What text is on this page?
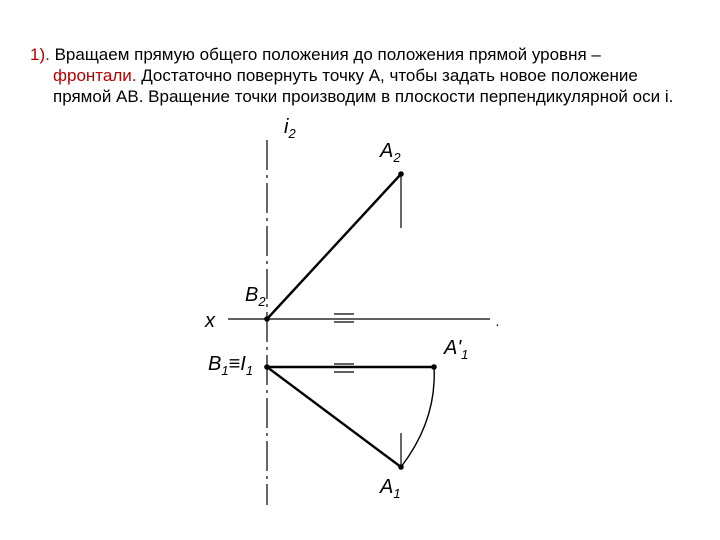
1). Вращаем прямую общего положения до положения прямой уровня –
фронтали. Достаточно повернуть точку А, чтобы задать новое положение
прямой АВ. Вращение точки производим в плоскости перпендикулярной оси i.
$i_2$
$A_2$
$B_2$
x
$B_1\equiv I_1$
$A'_1$
$A_1$
.
